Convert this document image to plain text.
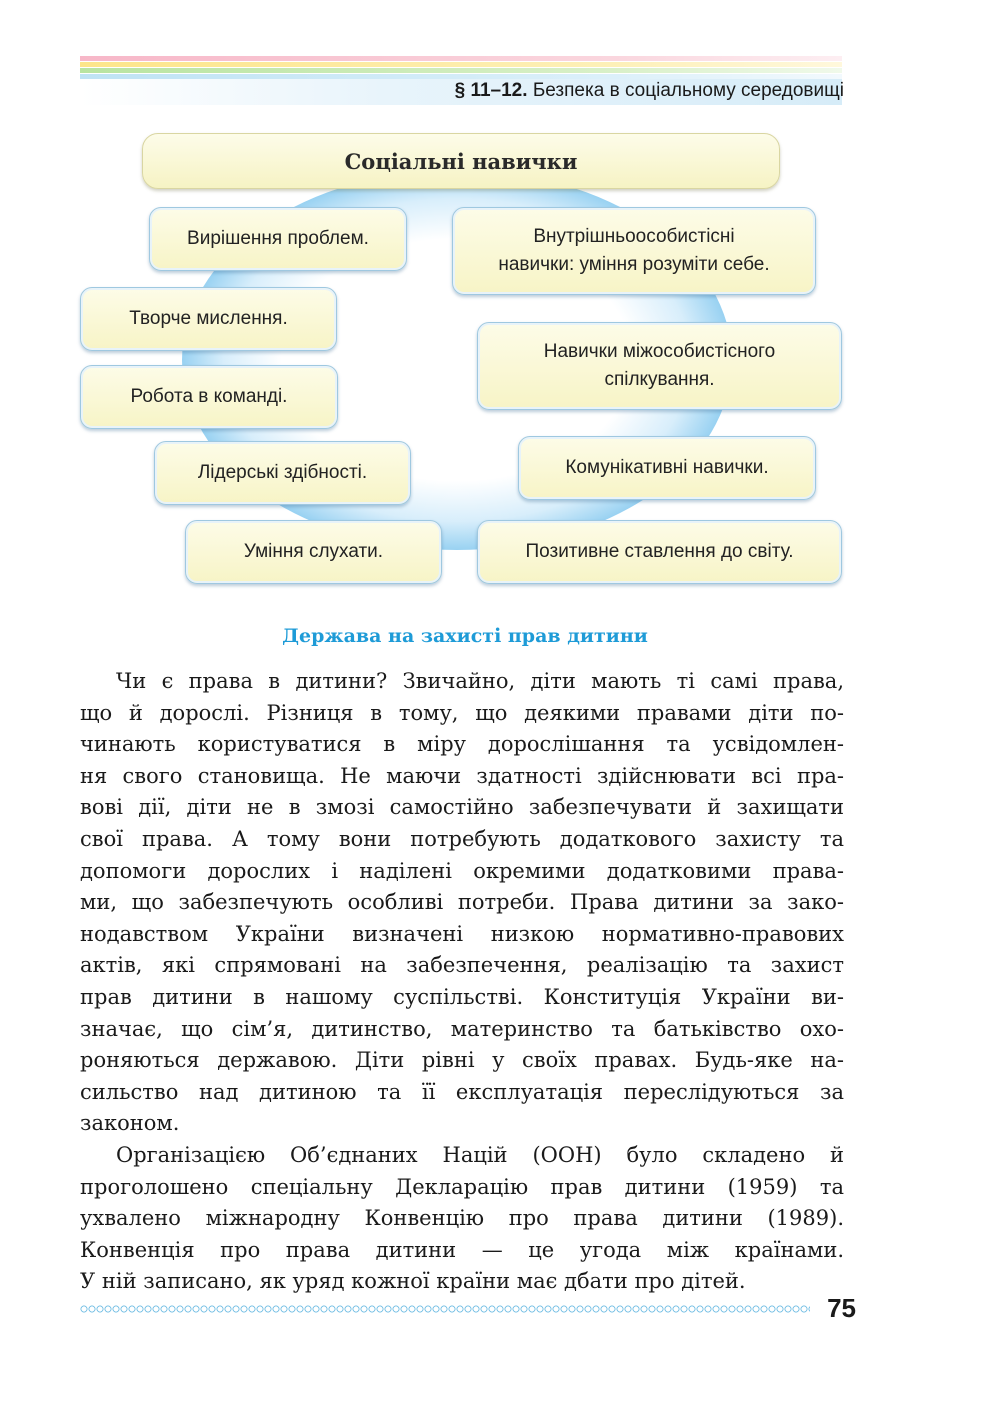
§ 11–12. Безпека в соціальному середовищі
Соціальні навички
Вирішення проблем.
Творче мислення.
Робота в команді.
Лідерські здібності.
Уміння слухати.
Внутрішньоособистісні
навички: уміння розуміти себе.
Навички міжособистісного
спілкування.
Комунікативні навички.
Позитивне ставлення до світу.
Держава на захисті прав дитини
Чи є права в дитини? Звичайно, діти мають ті самі права,
що й дорослі. Різниця в тому, що деякими правами діти по-
чинають користуватися в міру дорослішання та усвідомлен-
ня свого становища. Не маючи здатності здійснювати всі пра-
вові дії, діти не в змозі самостійно забезпечувати й захищати
свої права. А тому вони потребують додаткового захисту та
допомоги дорослих і наділені окремими додатковими права-
ми, що забезпечують особливі потреби. Права дитини за зако-
нодавством України визначені низкою нормативно-правових
актів, які спрямовані на забезпечення, реалізацію та захист
прав дитини в нашому суспільстві. Конституція України ви-
значає, що сім’я, дитинство, материнство та батьківство охо-
роняються державою. Діти рівні у своїх правах. Будь-яке на-
сильство над дитиною та її експлуатація переслідуються за
законом.
Організацією Об’єднаних Націй (ООН) було складено й
проголошено спеціальну Декларацію прав дитини (1959) та
ухвалено міжнародну Конвенцію про права дитини (1989).
Конвенція про права дитини — це угода між країнами.
У ній записано, як уряд кожної країни має дбати про дітей.
75
